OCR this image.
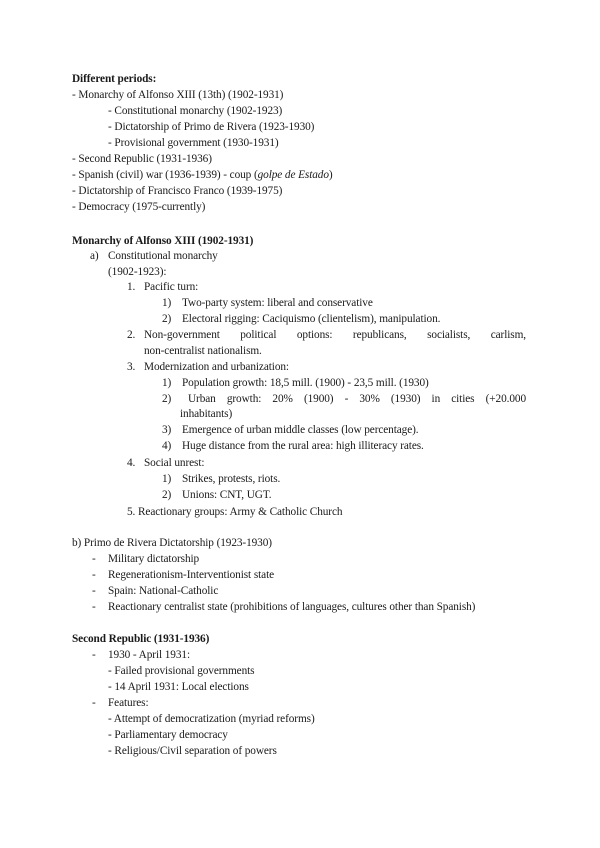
Different periods:
- Monarchy of Alfonso XIII (13th) (1902-1931)
- Constitutional monarchy (1902-1923)
- Dictatorship of Primo de Rivera (1923-1930)
- Provisional government (1930-1931)
- Second Republic (1931-1936)
- Spanish (civil) war (1936-1939) - coup (golpe de Estado)
- Dictatorship of Francisco Franco (1939-1975)
- Democracy (1975-currently)
Monarchy of Alfonso XIII (1902-1931)
a) Constitutional monarchy
(1902-1923):
1. Pacific turn:
1) Two-party system: liberal and conservative
2) Electoral rigging: Caciquismo (clientelism), manipulation.
2. Non-government political options: republicans, socialists, carlism,
non-centralist nationalism.
3. Modernization and urbanization:
1) Population growth: 18,5 mill. (1900) - 23,5 mill. (1930)
2) Urban growth: 20% (1900) - 30% (1930) in cities (+20.000
inhabitants)
3) Emergence of urban middle classes (low percentage).
4) Huge distance from the rural area: high illiteracy rates.
4. Social unrest:
1) Strikes, protests, riots.
2) Unions: CNT, UGT.
5. Reactionary groups: Army & Catholic Church
b) Primo de Rivera Dictatorship (1923-1930)
- Military dictatorship
- Regenerationism-Interventionist state
- Spain: National-Catholic
- Reactionary centralist state (prohibitions of languages, cultures other than Spanish)
Second Republic (1931-1936)
- 1930 - April 1931:
- Failed provisional governments
- 14 April 1931: Local elections
- Features:
- Attempt of democratization (myriad reforms)
- Parliamentary democracy
- Religious/Civil separation of powers
